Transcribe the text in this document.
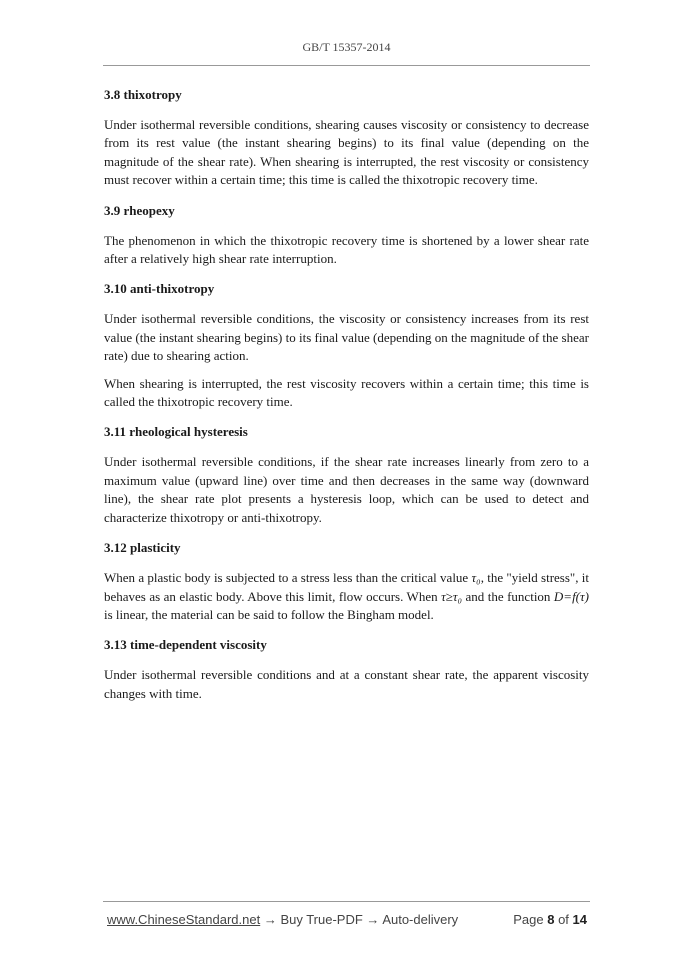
GB/T 15357-2014

3.8 thixotropy

Under isothermal reversible conditions, shearing causes viscosity or consistency to decrease from its rest value (the instant shearing begins) to its final value (depending on the magnitude of the shear rate). When shearing is interrupted, the rest viscosity or consistency must recover within a certain time; this time is called the thixotropic recovery time.

3.9 rheopexy

The phenomenon in which the thixotropic recovery time is shortened by a lower shear rate after a relatively high shear rate interruption.

3.10 anti-thixotropy

Under isothermal reversible conditions, the viscosity or consistency increases from its rest value (the instant shearing begins) to its final value (depending on the magnitude of the shear rate) due to shearing action.

When shearing is interrupted, the rest viscosity recovers within a certain time; this time is called the thixotropic recovery time.

3.11 rheological hysteresis

Under isothermal reversible conditions, if the shear rate increases linearly from zero to a maximum value (upward line) over time and then decreases in the same way (downward line), the shear rate plot presents a hysteresis loop, which can be used to detect and characterize thixotropy or anti-thixotropy.

3.12 plasticity

When a plastic body is subjected to a stress less than the critical value τ₀, the "yield stress", it behaves as an elastic body. Above this limit, flow occurs. When τ≥τ₀ and the function D=f(τ) is linear, the material can be said to follow the Bingham model.

3.13 time-dependent viscosity

Under isothermal reversible conditions and at a constant shear rate, the apparent viscosity changes with time.

www.ChineseStandard.net → Buy True-PDF → Auto-delivery	Page 8 of 14
